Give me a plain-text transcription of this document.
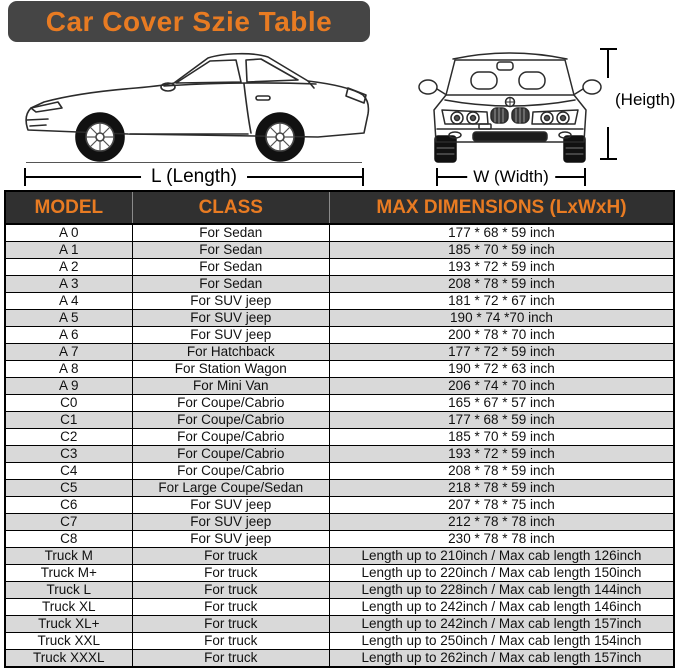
Car Cover Szie Table
L (Length)	W (Width)
(Heigth)
MODEL	CLASS	MAX DIMENSIONS (LxWxH)
A 0	For Sedan	177 * 68 * 59 inch
A 1	For Sedan	185 * 70 * 59 inch
A 2	For Sedan	193 * 72 * 59 inch
A 3	For Sedan	208 * 78 * 59 inch
A 4	For SUV jeep	181 * 72 * 67 inch
A 5	For SUV jeep	190 * 74 *70 inch
A 6	For SUV jeep	200 * 78 * 70 inch
A 7	For Hatchback	177 * 72 * 59 inch
A 8	For Station Wagon	190 * 72 * 63 inch
A 9	For Mini Van	206 * 74 * 70 inch
C0	For Coupe/Cabrio	165 * 67 * 57 inch
C1	For Coupe/Cabrio	177 * 68 * 59 inch
C2	For Coupe/Cabrio	185 * 70 * 59 inch
C3	For Coupe/Cabrio	193 * 72 * 59 inch
C4	For Coupe/Cabrio	208 * 78 * 59 inch
C5	For Large Coupe/Sedan	218 * 78 * 59 inch
C6	For SUV jeep	207 * 78 * 75 inch
C7	For SUV jeep	212 * 78 * 78 inch
C8	For SUV jeep	230 * 78 * 78 inch
Truck M	For truck	Length up to 210inch / Max cab length 126inch
Truck M+	For truck	Length up to 220inch / Max cab length 150inch
Truck L	For truck	Length up to 228inch / Max cab length 144inch
Truck XL	For truck	Length up to 242inch / Max cab length 146inch
Truck XL+	For truck	Length up to 242inch / Max cab length 157inch
Truck XXL	For truck	Length up to 250inch / Max cab length 154inch
Truck XXXL	For truck	Length up to 262inch / Max cab length 157inch
